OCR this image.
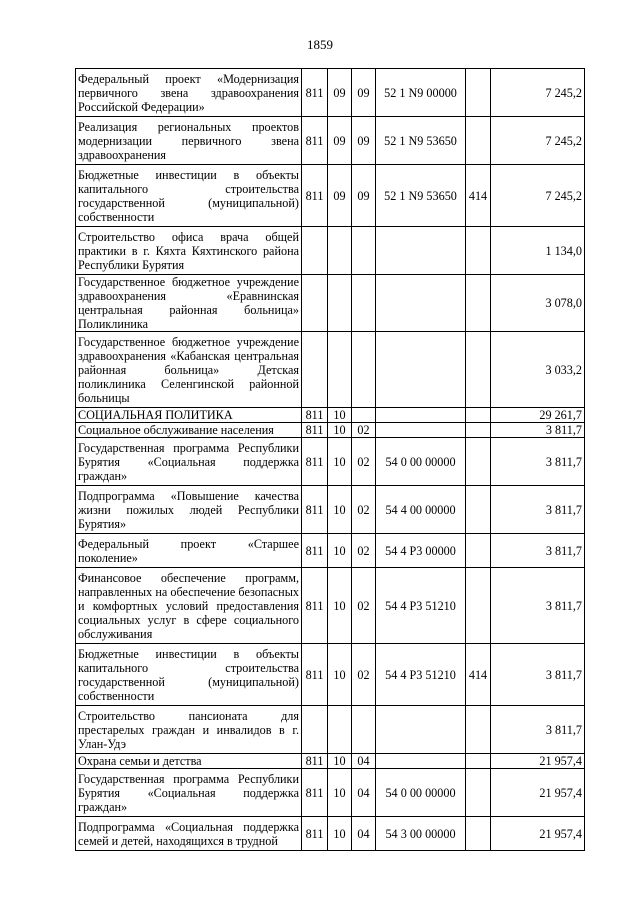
1859
Федеральный проект «Модернизация первичного звена здравоохранения Российской Федерации»	811	09	09	52 1 N9 00000		7 245,2
Реализация региональных проектов модернизации первичного звена здравоохранения	811	09	09	52 1 N9 53650		7 245,2
Бюджетные инвестиции в объекты капитального строительства государственной (муниципальной) собственности	811	09	09	52 1 N9 53650	414	7 245,2
Строительство офиса врача общей практики в г. Кяхта Кяхтинского района Республики Бурятия						1 134,0
Государственное бюджетное учреждение здравоохранения «Еравнинская центральная районная больница» Поликлиника						3 078,0
Государственное бюджетное учреждение здравоохранения «Кабанская центральная районная больница» Детская поликлиника Селенгинской районной больницы						3 033,2
СОЦИАЛЬНАЯ ПОЛИТИКА	811	10				29 261,7
Социальное обслуживание населения	811	10	02			3 811,7
Государственная программа Республики Бурятия «Социальная поддержка граждан»	811	10	02	54 0 00 00000		3 811,7
Подпрограмма «Повышение качества жизни пожилых людей Республики Бурятия»	811	10	02	54 4 00 00000		3 811,7
Федеральный проект «Старшее поколение»	811	10	02	54 4 P3 00000		3 811,7
Финансовое обеспечение программ, направленных на обеспечение безопасных и комфортных условий предоставления социальных услуг в сфере социального обслуживания	811	10	02	54 4 P3 51210		3 811,7
Бюджетные инвестиции в объекты капитального строительства государственной (муниципальной) собственности	811	10	02	54 4 P3 51210	414	3 811,7
Строительство пансионата для престарелых граждан и инвалидов в г. Улан-Удэ						3 811,7
Охрана семьи и детства	811	10	04			21 957,4
Государственная программа Республики Бурятия «Социальная поддержка граждан»	811	10	04	54 0 00 00000		21 957,4
Подпрограмма «Социальная поддержка семей и детей, находящихся в трудной	811	10	04	54 3 00 00000		21 957,4
